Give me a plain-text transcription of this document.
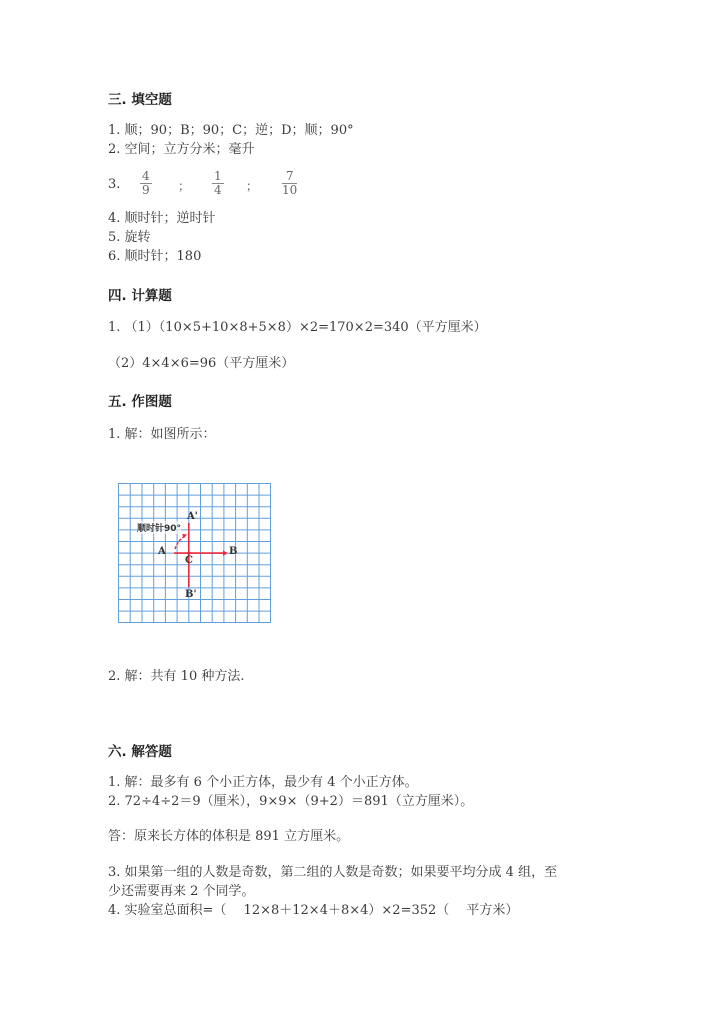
三. 填空题
1. 顺；90；B；90；C；逆；D；顺；90°
2. 空间；立方分米；毫升
3. $\frac{4}{9}$ ； $\frac{1}{4}$ ； $\frac{7}{10}$
4. 顺时针；逆时针
5. 旋转
6. 顺时针；180
四. 计算题
1. （1）（10×5+10×8+5×8）×2=170×2=340（平方厘米）
（2）4×4×6=96（平方厘米）
五. 作图题
1. 解：如图所示：
顺时针90°
A'
A	B
C
B'
2. 解：共有 10 种方法.
六. 解答题
1. 解：最多有 6 个小正方体，最少有 4 个小正方体。
2. 72÷4÷2＝9（厘米），9×9×（9+2）＝891（立方厘米）。
答：原来长方体的体积是 891 立方厘米。
3. 如果第一组的人数是奇数，第二组的人数是奇数；如果要平均分成 4 组，至
少还需要再来 2 个同学。
4. 实验室总面积=（　 12×8＋12×4＋8×4）×2=352（　 平方米）
